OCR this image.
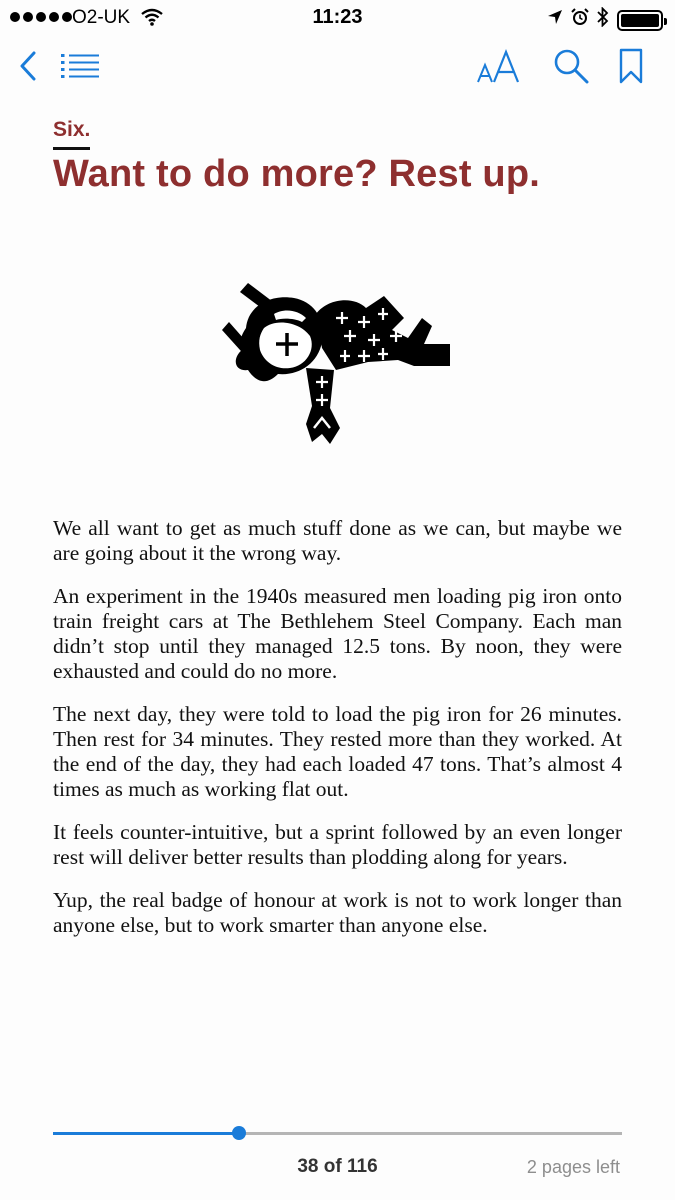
O2-UK	11:23
Six.
Want to do more? Rest up.

We all want to get as much stuff done as we can, but maybe we are going about it the wrong way.

An experiment in the 1940s measured men loading pig iron onto train freight cars at The Bethlehem Steel Company. Each man didn’t stop until they managed 12.5 tons. By noon, they were exhausted and could do no more.

The next day, they were told to load the pig iron for 26 minutes. Then rest for 34 minutes. They rested more than they worked. At the end of the day, they had each loaded 47 tons. That’s almost 4 times as much as working flat out.

It feels counter-intuitive, but a sprint followed by an even longer rest will deliver better results than plodding along for years.

Yup, the real badge of honour at work is not to work longer than anyone else, but to work smarter than anyone else.

38 of 116	2 pages left
